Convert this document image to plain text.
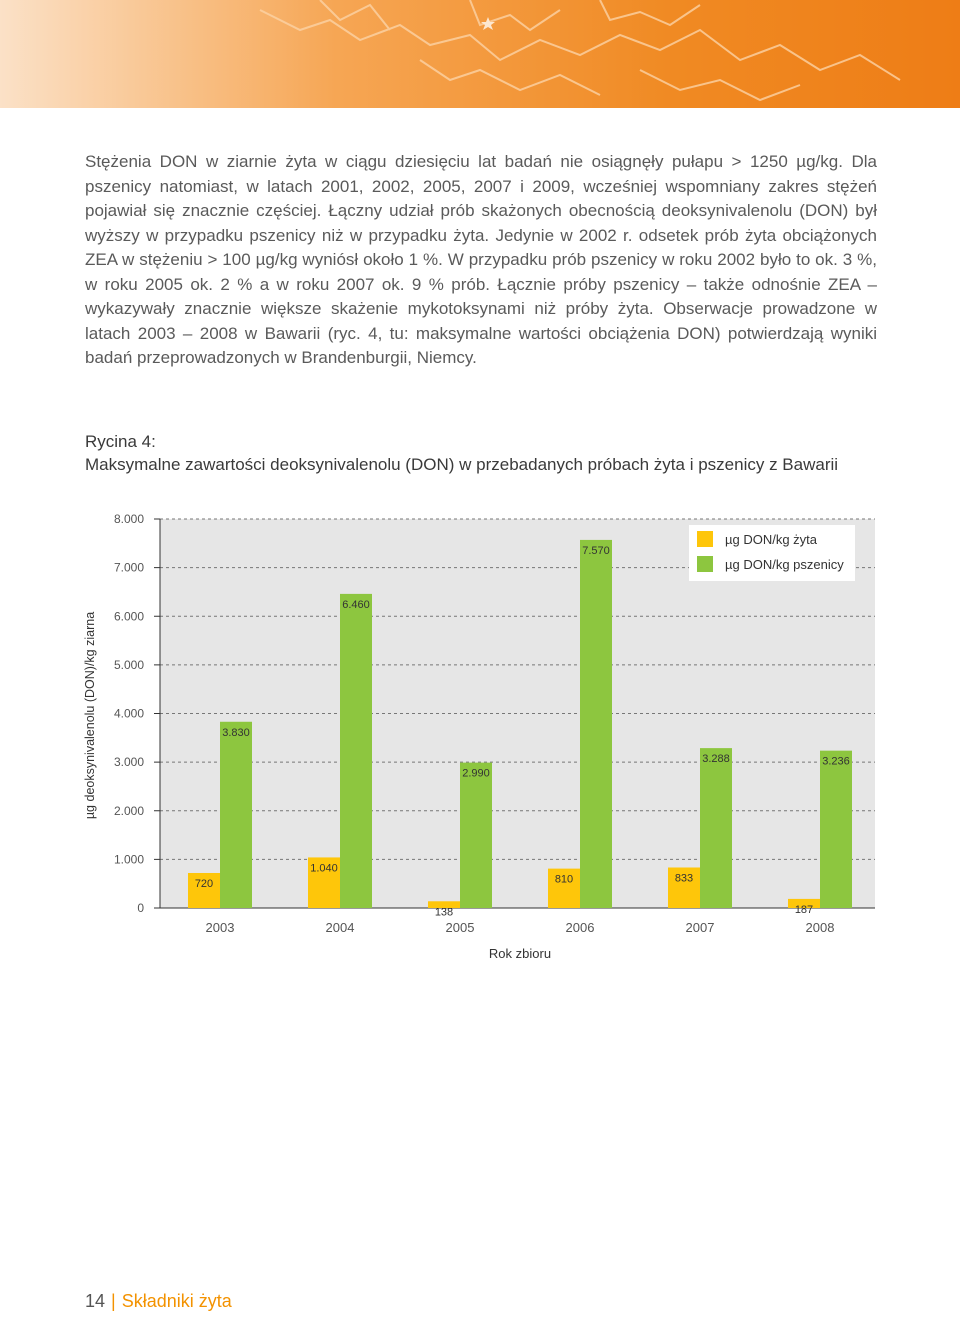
Stężenia DON w ziarnie żyta w ciągu dziesięciu lat badań nie osiągnęły pułapu > 1250 µg/kg. Dla pszenicy natomiast, w latach 2001, 2002, 2005, 2007 i 2009, wcześniej wspomniany zakres stężeń pojawiał się znacznie częściej. Łączny udział prób skażonych obecnością deoksynivalenolu (DON) był wyższy w przypadku pszenicy niż w przypadku żyta. Jedynie w 2002 r. odsetek prób żyta obciążonych ZEA w stężeniu > 100 µg/kg wyniósł około 1 %. W przypadku prób pszenicy w roku 2002 było to ok. 3 %, w roku 2005 ok. 2 % a w roku 2007 ok. 9 % prób. Łącznie próby pszenicy – także odnośnie ZEA – wykazywały znacznie większe skażenie mykotoksynami niż próby żyta. Obserwacje prowadzone w latach 2003 – 2008 w Bawarii (ryc. 4, tu: maksymalne wartości obciążenia DON) potwierdzają wyniki badań przeprowadzonych w Brandenburgii, Niemcy.
Rycina 4:
Maksymalne zawartości deoksynivalenolu (DON) w przebadanych próbach żyta i pszenicy z Bawarii
0
1.000
2.000
3.000
4.000
5.000
6.000
7.000
8.000
2003
720
3.830
2004
1.040
6.460
2005
138
2.990
2006
810
7.570
2007
833
3.288
2008
187
3.236
µg DON/kg żyta
µg DON/kg pszenicy
Rok zbioru
µg deoksynivalenolu (DON)/kg ziarna
14 | Składniki żyta
